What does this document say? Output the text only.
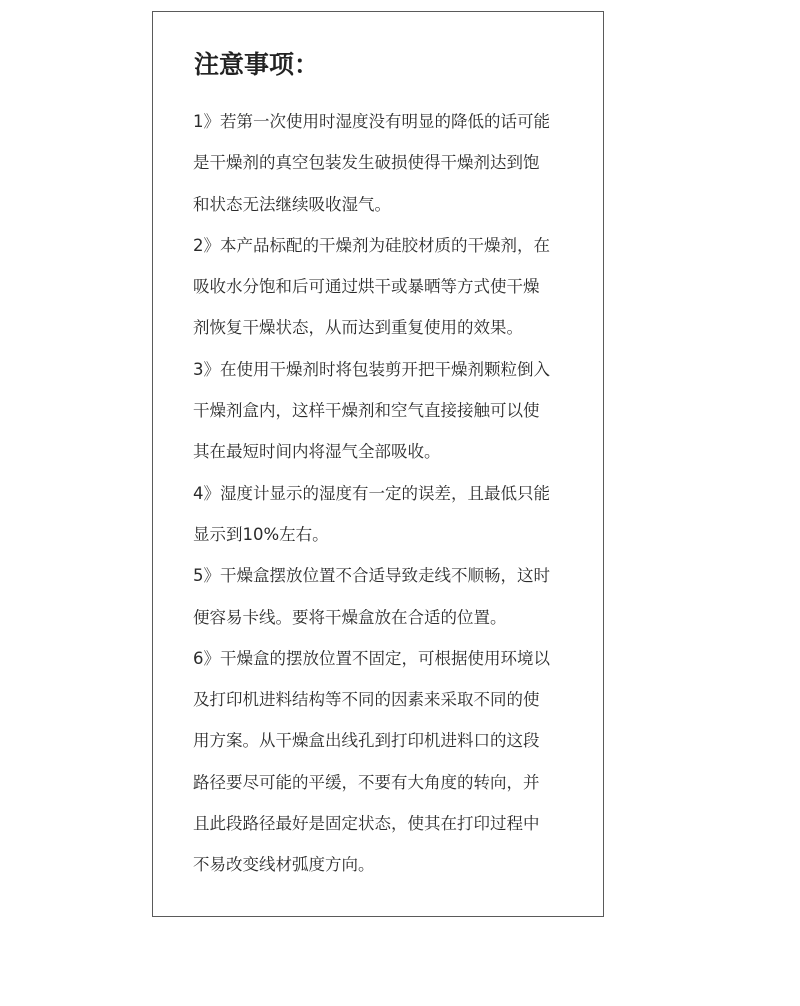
注意事项：
1》若第一次使用时湿度没有明显的降低的话可能
是干燥剂的真空包装发生破损使得干燥剂达到饱
和状态无法继续吸收湿气。
2》本产品标配的干燥剂为硅胶材质的干燥剂，在
吸收水分饱和后可通过烘干或暴晒等方式使干燥
剂恢复干燥状态，从而达到重复使用的效果。
3》在使用干燥剂时将包装剪开把干燥剂颗粒倒入
干燥剂盒内，这样干燥剂和空气直接接触可以使
其在最短时间内将湿气全部吸收。
4》湿度计显示的湿度有一定的误差，且最低只能
显示到10%左右。
5》干燥盒摆放位置不合适导致走线不顺畅，这时
便容易卡线。要将干燥盒放在合适的位置。
6》干燥盒的摆放位置不固定，可根据使用环境以
及打印机进料结构等不同的因素来采取不同的使
用方案。从干燥盒出线孔到打印机进料口的这段
路径要尽可能的平缓，不要有大角度的转向，并
且此段路径最好是固定状态，使其在打印过程中
不易改变线材弧度方向。
